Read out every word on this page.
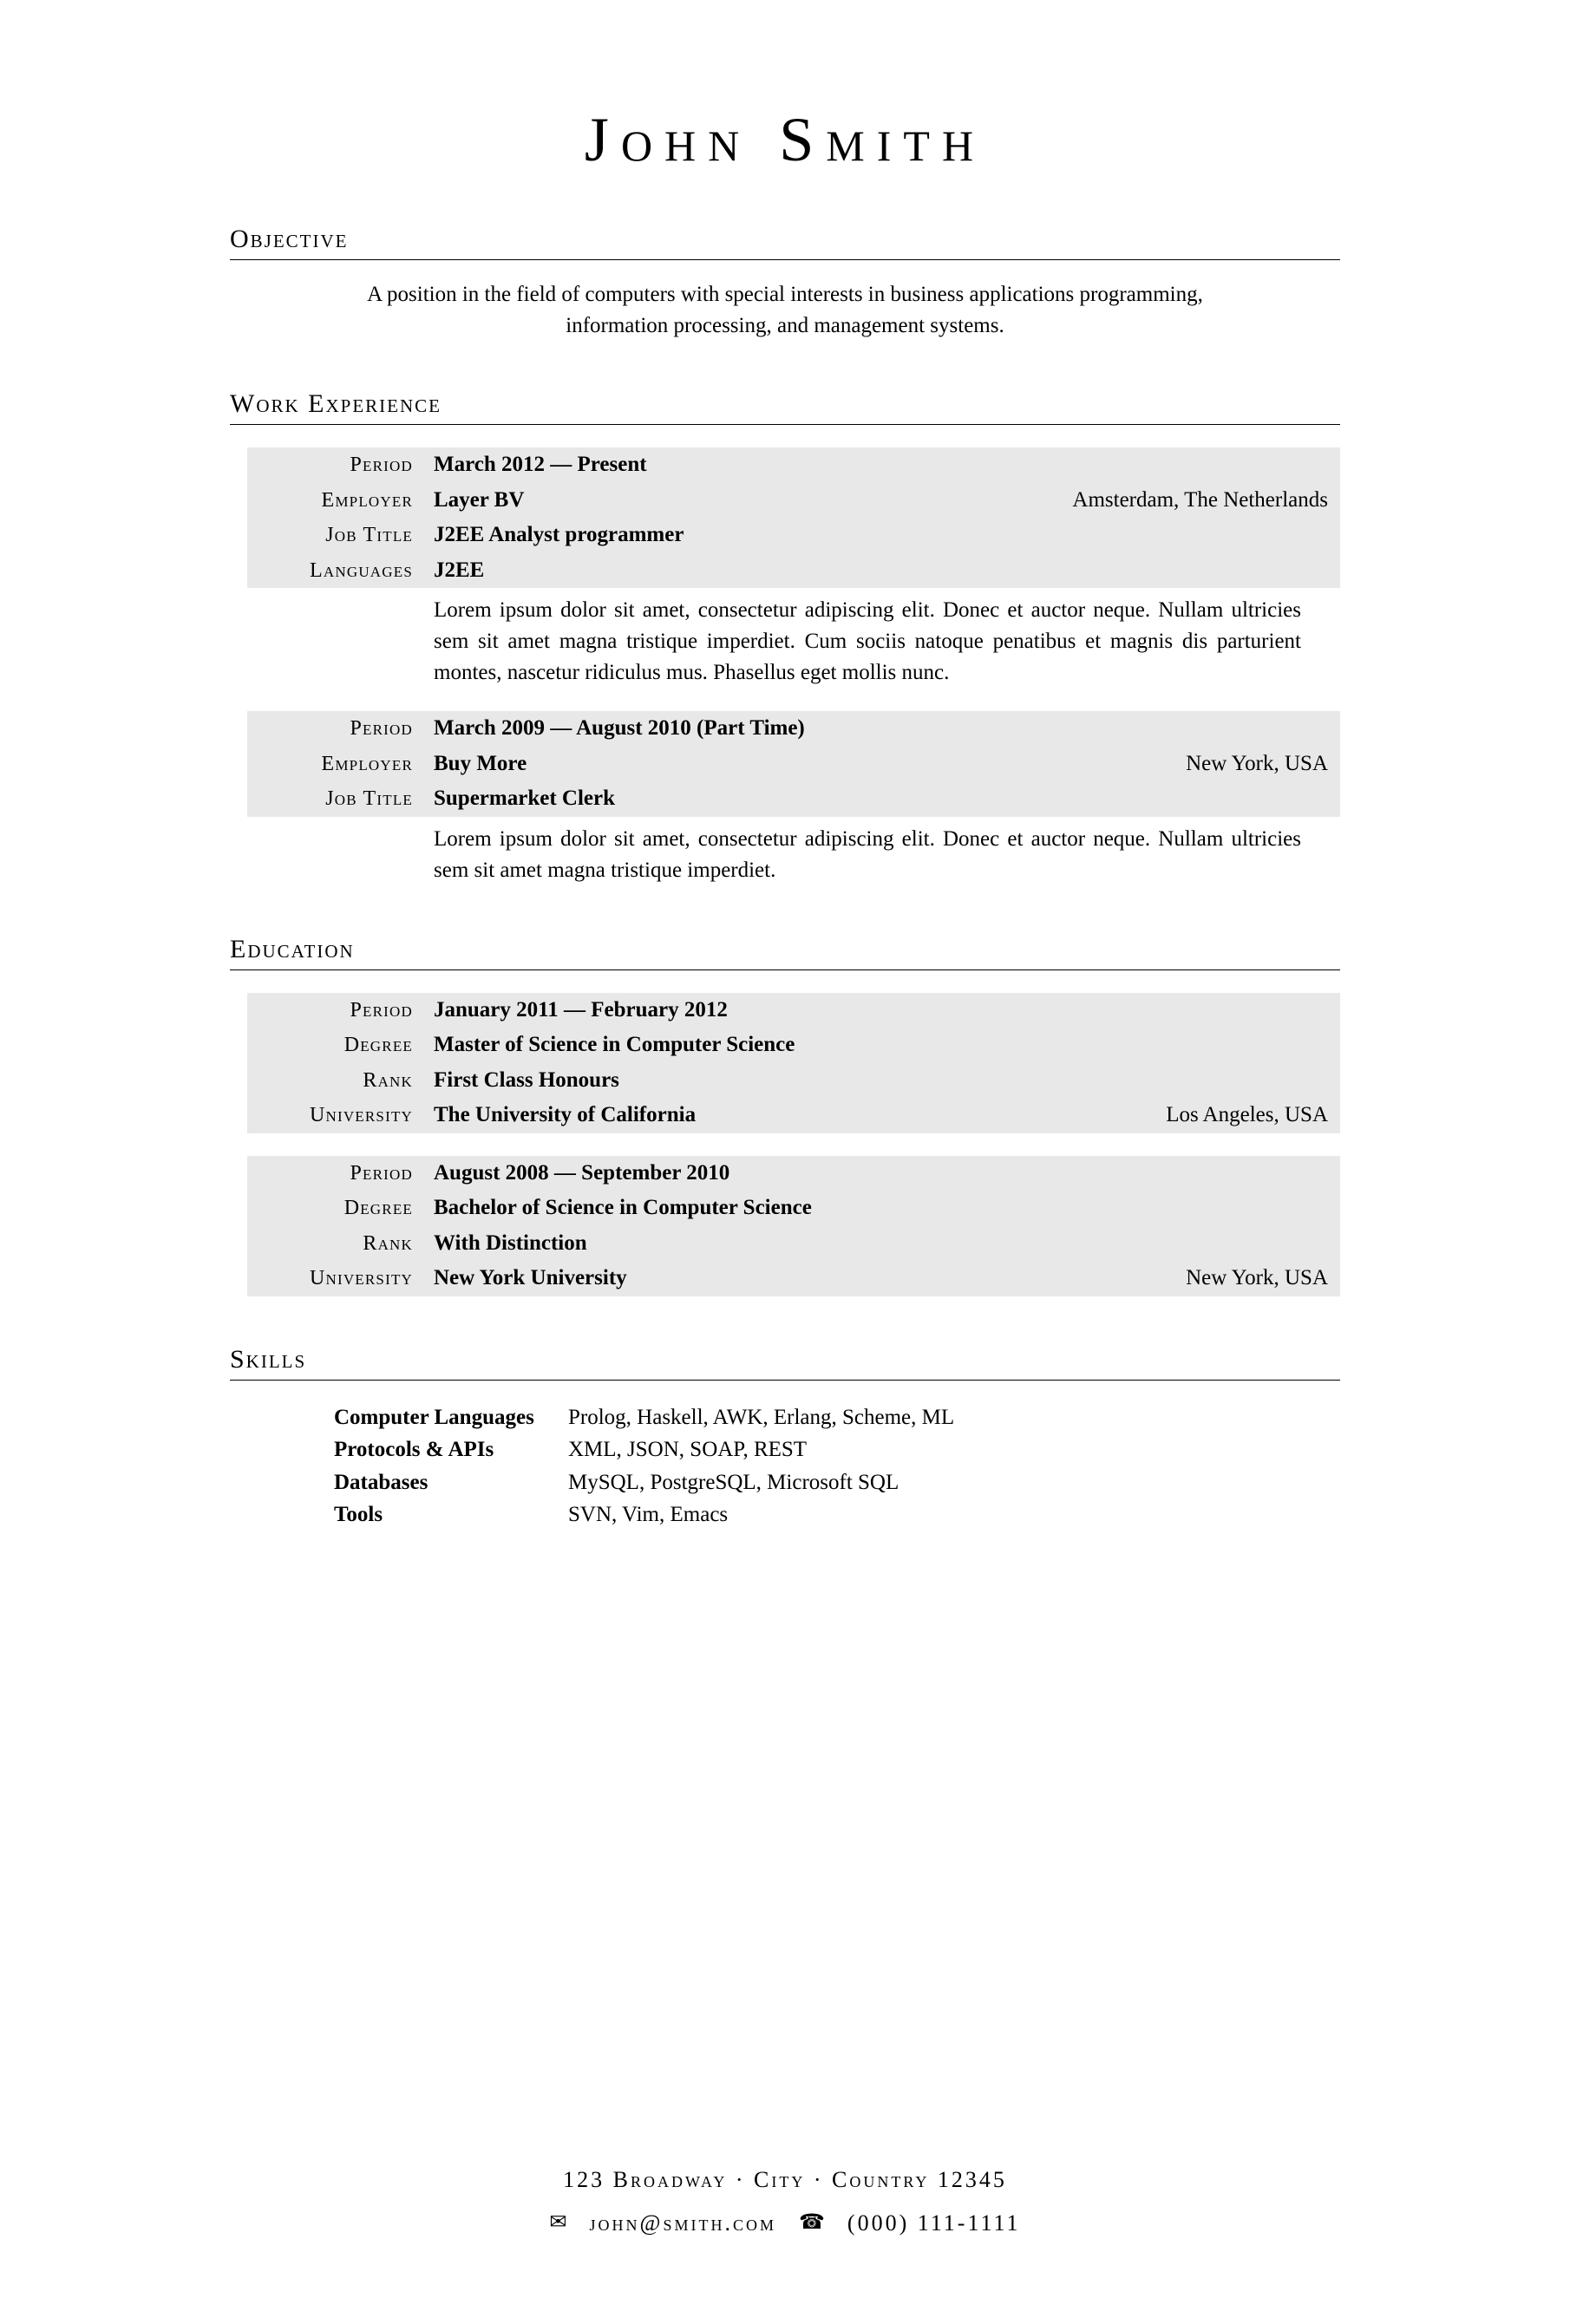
John Smith
Objective
A position in the field of computers with special interests in business applications programming, information processing, and management systems.
Work Experience
Period March 2012 — Present
Employer Layer BV	Amsterdam, The Netherlands
Job Title J2EE Analyst programmer
Languages J2EE
Lorem ipsum dolor sit amet, consectetur adipiscing elit. Donec et auctor neque. Nullam ultricies sem sit amet magna tristique imperdiet. Cum sociis natoque penatibus et magnis dis parturient montes, nascetur ridiculus mus. Phasellus eget mollis nunc.
Period March 2009 — August 2010 (Part Time)
Employer Buy More	New York, USA
Job Title Supermarket Clerk
Lorem ipsum dolor sit amet, consectetur adipiscing elit. Donec et auctor neque. Nullam ultricies sem sit amet magna tristique imperdiet.
Education
Period January 2011 — February 2012
Degree Master of Science in Computer Science
Rank First Class Honours
University The University of California	Los Angeles, USA
Period August 2008 — September 2010
Degree Bachelor of Science in Computer Science
Rank With Distinction
University New York University	New York, USA
Skills
Computer Languages	Prolog, Haskell, AWK, Erlang, Scheme, ML
Protocols & APIs	XML, JSON, SOAP, REST
Databases	MySQL, PostgreSQL, Microsoft SQL
Tools	SVN, Vim, Emacs
123 Broadway · City · Country 12345
✉ john@smith.com ☎ (000) 111-1111
